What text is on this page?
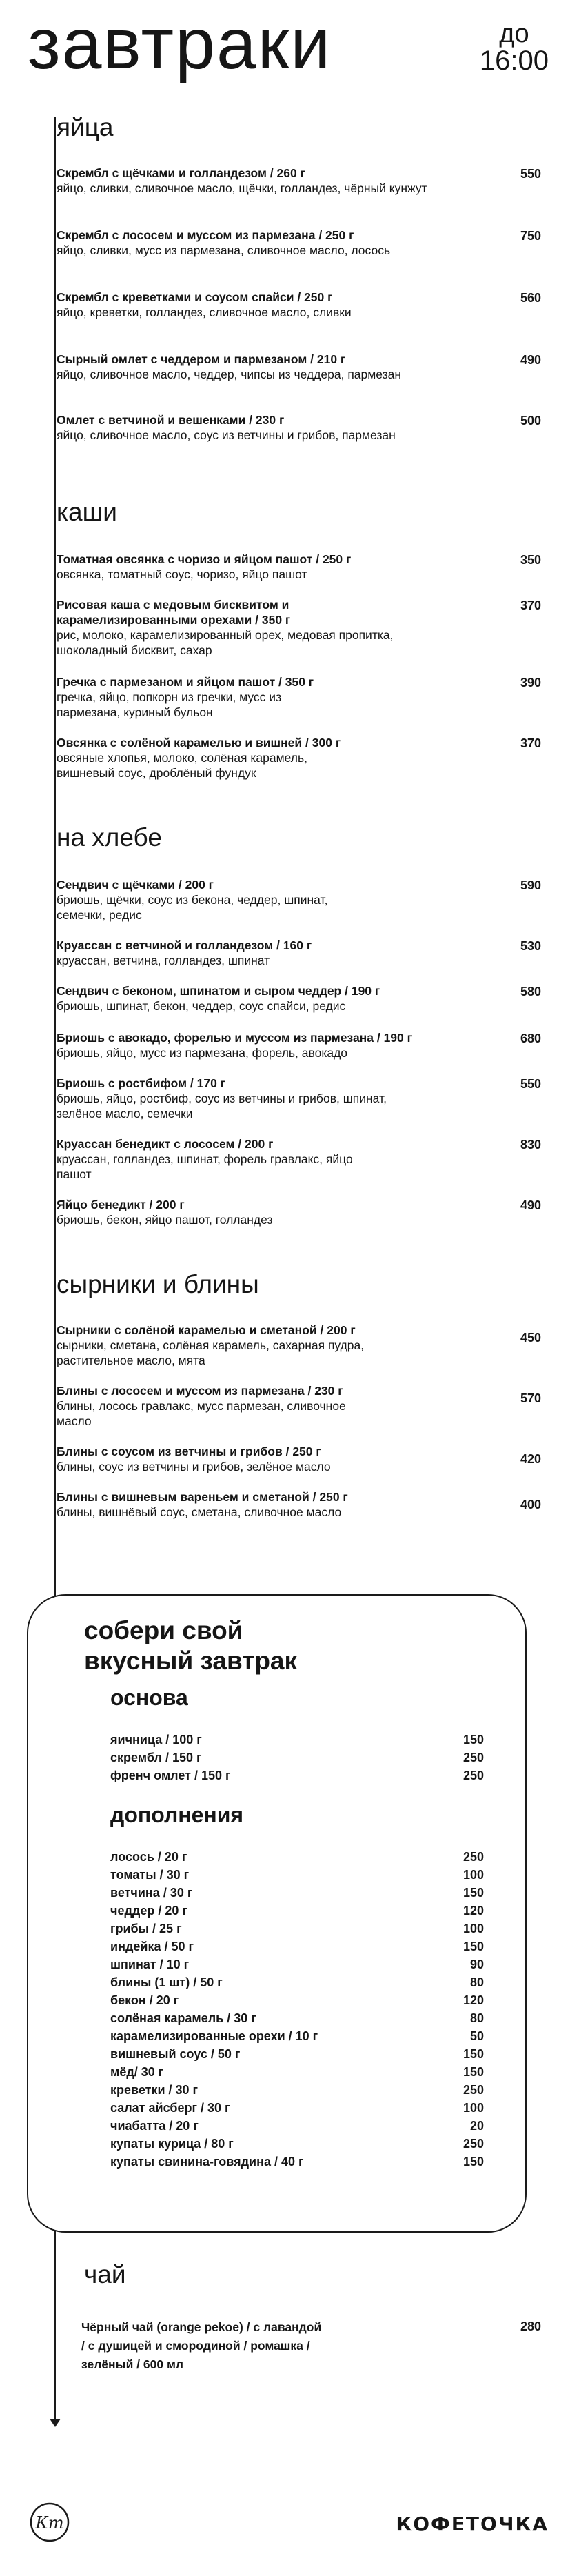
завтраки	до
16:00
яйца
Скрембл с щёчками и голландезом / 260 г
яйцо, сливки, сливочное масло, щёчки, голландез, чёрный кунжут
550
Скрембл с лососем и муссом из пармезана / 250 г
яйцо, сливки, мусс из пармезана, сливочное масло, лосось
750
Скрембл с креветками и соусом спайси / 250 г
яйцо, креветки, голландез, сливочное масло, сливки
560
Сырный омлет с чеддером и пармезаном / 210 г
яйцо, сливочное масло, чеддер, чипсы из чеддера, пармезан
490
Омлет с ветчиной и вешенками / 230 г
яйцо, сливочное масло, соус из ветчины и грибов, пармезан
500
каши
Томатная овсянка с чоризо и яйцом пашот / 250 г
овсянка, томатный соус, чоризо, яйцо пашот
350
Рисовая каша с медовым бисквитом и карамелизированными орехами / 350 г
рис, молоко, карамелизированный орех, медовая пропитка, шоколадный бисквит, сахар
370
Гречка с пармезаном и яйцом пашот / 350 г
гречка, яйцо, попкорн из гречки, мусс из пармезана, куриный бульон
390
Овсянка с солёной карамелью и вишней / 300 г
овсяные хлопья, молоко, солёная карамель, вишневый соус, дроблёный фундук
370
на хлебе
Сендвич с щёчками / 200 г
бриошь, щёчки, соус из бекона, чеддер, шпинат, семечки, редис
590
Круассан с ветчиной и голландезом / 160 г
круассан, ветчина, голландез, шпинат
530
Сендвич с беконом, шпинатом и сыром чеддер / 190 г
бриошь, шпинат, бекон, чеддер, соус спайси, редис
580
Бриошь с авокадо, форелью и муссом из пармезана / 190 г
бриошь, яйцо, мусс из пармезана, форель, авокадо
680
Бриошь с ростбифом / 170 г
бриошь, яйцо, ростбиф, соус из ветчины и грибов, шпинат, зелёное масло, семечки
550
Круассан бенедикт с лососем / 200 г
круассан, голландез, шпинат, форель гравлакс, яйцо пашот
830
Яйцо бенедикт / 200 г
бриошь, бекон, яйцо пашот, голландез
490
сырники и блины
Сырники с солёной карамелью и сметаной / 200 г
сырники, сметана, солёная карамель, сахарная пудра, растительное масло, мята
450
Блины с лососем и муссом из пармезана / 230 г
блины, лосось гравлакс, мусс пармезан, сливочное масло
570
Блины с соусом из ветчины и грибов / 250 г
блины, соус из ветчины и грибов, зелёное масло
420
Блины с вишневым вареньем и сметаной / 250 г
блины, вишнёвый соус, сметана, сливочное масло
400
собери свой
вкусный завтрак
основа
яичница / 100 г	150
скрембл / 150 г	250
френч омлет / 150 г	250
дополнения
лосось / 20 г	250
томаты / 30 г	100
ветчина / 30 г	150
чеддер / 20 г	120
грибы / 25 г	100
индейка / 50 г	150
шпинат / 10 г	90
блины (1 шт) / 50 г	80
бекон / 20 г	120
солёная карамель / 30 г	80
карамелизированные орехи / 10 г	50
вишневый соус / 50 г	150
мёд/ 30 г	150
креветки / 30 г	250
салат айсберг / 30 г	100
чиабатта / 20 г	20
купаты курица / 80 г	250
купаты свинина-говядина / 40 г	150
чай
Чёрный чай (orange pekoe) / с лавандой
/ с душицей и смородиной / ромашка /
зелёный / 600 мл
280
Кт	КОФЕТОЧКА
